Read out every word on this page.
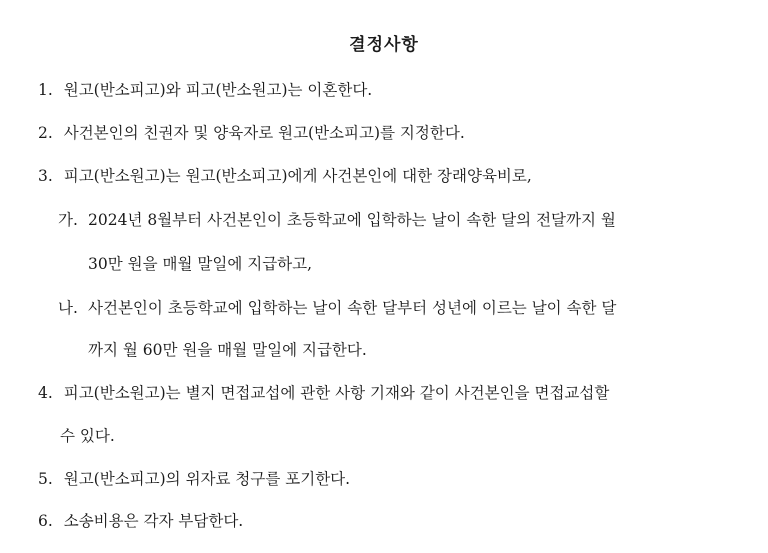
결정사항
1. 원고(반소피고)와 피고(반소원고)는 이혼한다.
2. 사건본인의 친권자 및 양육자로 원고(반소피고)를 지정한다.
3. 피고(반소원고)는 원고(반소피고)에게 사건본인에 대한 장래양육비로,
가. 2024년 8월부터 사건본인이 초등학교에 입학하는 날이 속한 달의 전달까지 월
30만 원을 매월 말일에 지급하고,
나. 사건본인이 초등학교에 입학하는 날이 속한 달부터 성년에 이르는 날이 속한 달
까지 월 60만 원을 매월 말일에 지급한다.
4. 피고(반소원고)는 별지 면접교섭에 관한 사항 기재와 같이 사건본인을 면접교섭할
수 있다.
5. 원고(반소피고)의 위자료 청구를 포기한다.
6. 소송비용은 각자 부담한다.
